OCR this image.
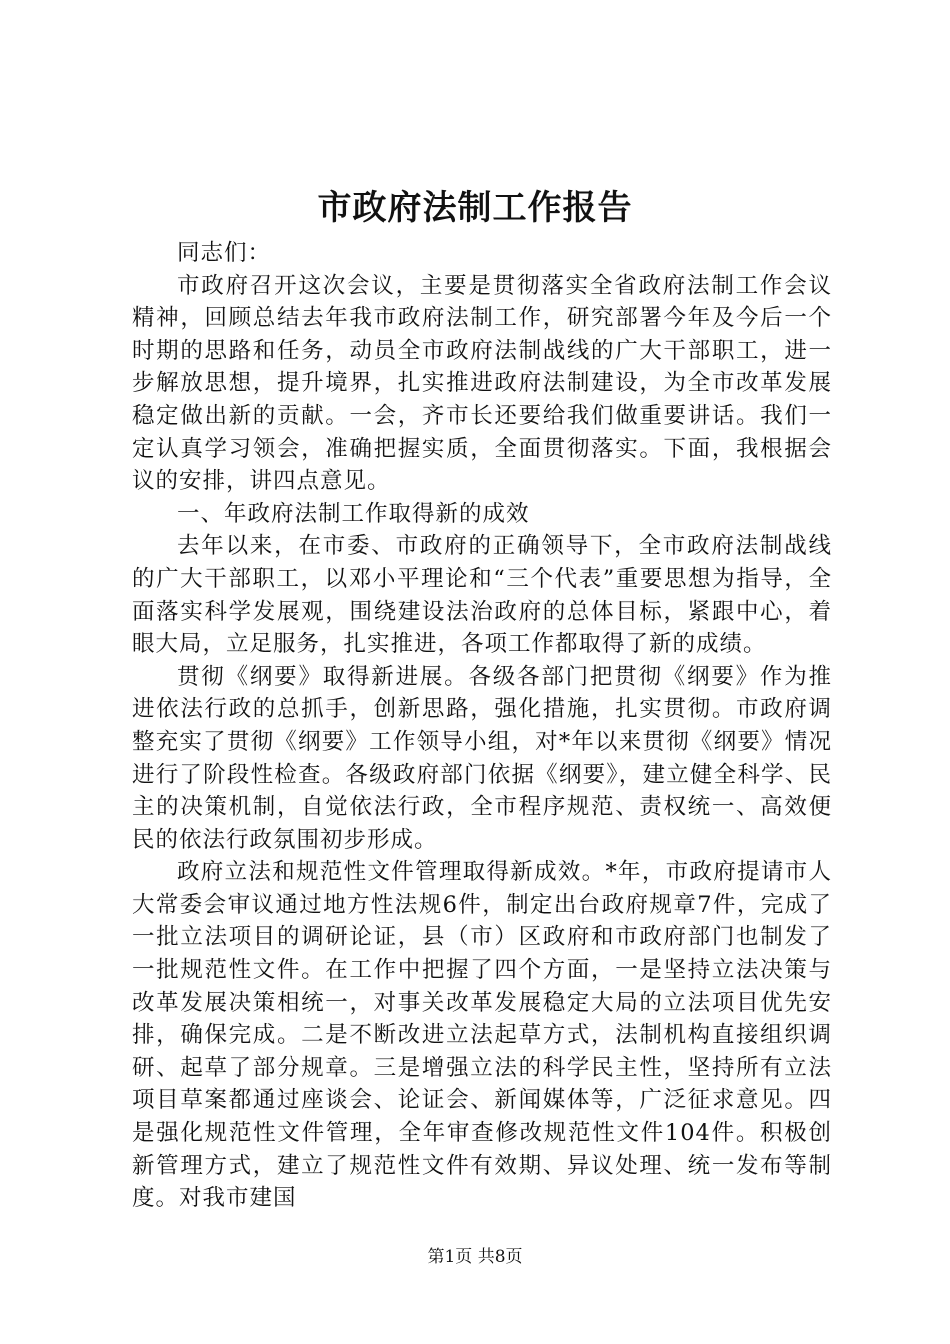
市政府法制工作报告

同志们：

市政府召开这次会议，主要是贯彻落实全省政府法制工作会议精神，回顾总结去年我市政府法制工作，研究部署今年及今后一个时期的思路和任务，动员全市政府法制战线的广大干部职工，进一步解放思想，提升境界，扎实推进政府法制建设，为全市改革发展稳定做出新的贡献。一会，齐市长还要给我们做重要讲话。我们一定认真学习领会，准确把握实质，全面贯彻落实。下面，我根据会议的安排，讲四点意见。

一、年政府法制工作取得新的成效

去年以来，在市委、市政府的正确领导下，全市政府法制战线的广大干部职工，以邓小平理论和“三个代表”重要思想为指导，全面落实科学发展观，围绕建设法治政府的总体目标，紧跟中心，着眼大局，立足服务，扎实推进，各项工作都取得了新的成绩。

贯彻《纲要》取得新进展。各级各部门把贯彻《纲要》作为推进依法行政的总抓手，创新思路，强化措施，扎实贯彻。市政府调整充实了贯彻《纲要》工作领导小组，对*年以来贯彻《纲要》情况进行了阶段性检查。各级政府部门依据《纲要》，建立健全科学、民主的决策机制，自觉依法行政，全市程序规范、责权统一、高效便民的依法行政氛围初步形成。

政府立法和规范性文件管理取得新成效。*年，市政府提请市人大常委会审议通过地方性法规6件，制定出台政府规章7件，完成了一批立法项目的调研论证，县（市）区政府和市政府部门也制发了一批规范性文件。在工作中把握了四个方面，一是坚持立法决策与改革发展决策相统一，对事关改革发展稳定大局的立法项目优先安排，确保完成。二是不断改进立法起草方式，法制机构直接组织调研、起草了部分规章。三是增强立法的科学民主性，坚持所有立法项目草案都通过座谈会、论证会、新闻媒体等，广泛征求意见。四是强化规范性文件管理，全年审查修改规范性文件104件。积极创新管理方式，建立了规范性文件有效期、异议处理、统一发布等制度。对我市建国

第1页 共8页
